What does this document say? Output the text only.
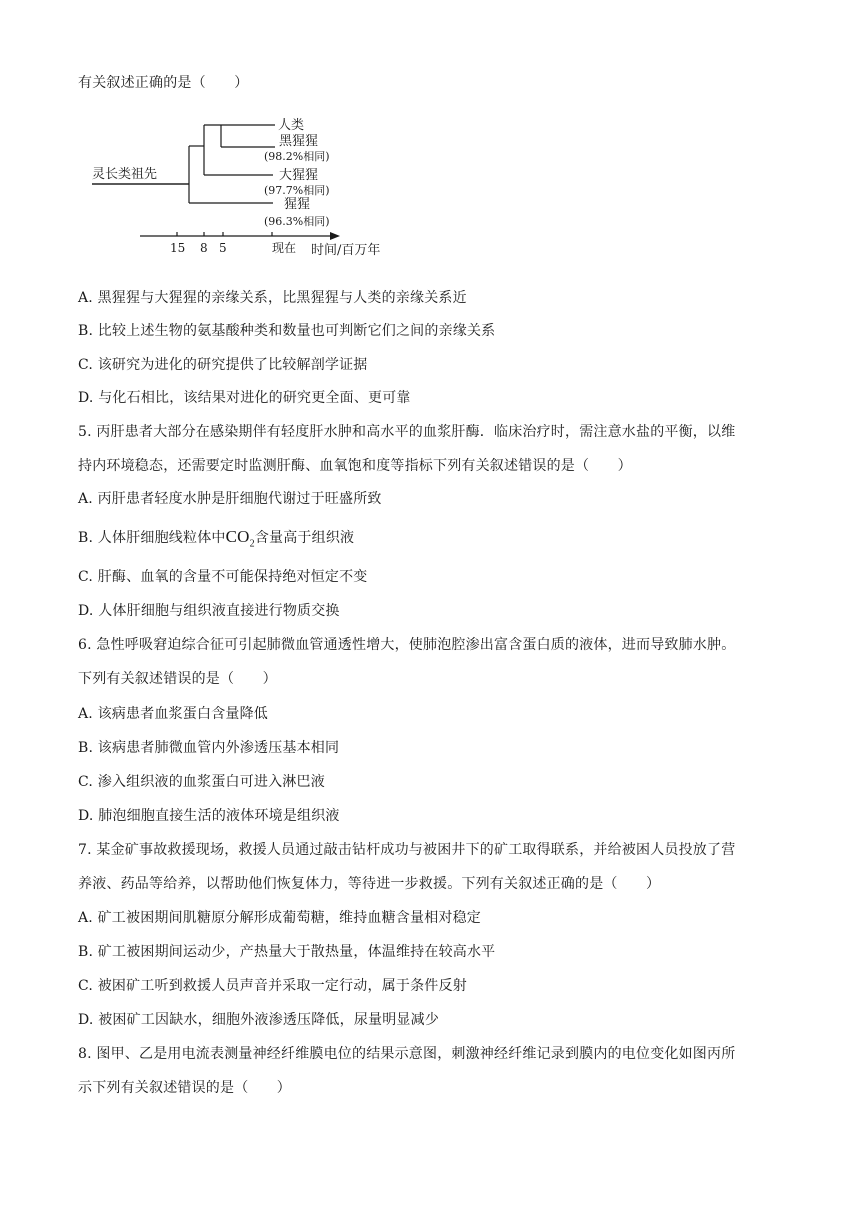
有关叙述正确的是（　　）
灵长类祖先
人类
黑猩猩
(98.2%相同)
大猩猩
(97.7%相同)
猩猩
(96.3%相同)
15 8 5	现在 时间/百万年
A. 黑猩猩与大猩猩的亲缘关系，比黑猩猩与人类的亲缘关系近
B. 比较上述生物的氨基酸种类和数量也可判断它们之间的亲缘关系
C. 该研究为进化的研究提供了比较解剖学证据
D. 与化石相比，该结果对进化的研究更全面、更可靠
5. 丙肝患者大部分在感染期伴有轻度肝水肿和高水平的血浆肝酶．临床治疗时，需注意水盐的平衡，以维
持内环境稳态，还需要定时监测肝酶、血氧饱和度等指标下列有关叙述错误的是（　　）
A. 丙肝患者轻度水肿是肝细胞代谢过于旺盛所致
B. 人体肝细胞线粒体中$CO_2$含量高于组织液
C. 肝酶、血氧的含量不可能保持绝对恒定不变
D. 人体肝细胞与组织液直接进行物质交换
6. 急性呼吸窘迫综合征可引起肺微血管通透性增大，使肺泡腔渗出富含蛋白质的液体，进而导致肺水肿。
下列有关叙述错误的是（　　）
A. 该病患者血浆蛋白含量降低
B. 该病患者肺微血管内外渗透压基本相同
C. 渗入组织液的血浆蛋白可进入淋巴液
D. 肺泡细胞直接生活的液体环境是组织液
7. 某金矿事故救援现场，救援人员通过敲击钻杆成功与被困井下的矿工取得联系，并给被困人员投放了营
养液、药品等给养，以帮助他们恢复体力，等待进一步救援。下列有关叙述正确的是（　　）
A. 矿工被困期间肌糖原分解形成葡萄糖，维持血糖含量相对稳定
B. 矿工被困期间运动少，产热量大于散热量，体温维持在较高水平
C. 被困矿工听到救援人员声音并采取一定行动，属于条件反射
D. 被困矿工因缺水，细胞外液渗透压降低，尿量明显减少
8. 图甲、乙是用电流表测量神经纤维膜电位的结果示意图，刺激神经纤维记录到膜内的电位变化如图丙所
示下列有关叙述错误的是（　　）
